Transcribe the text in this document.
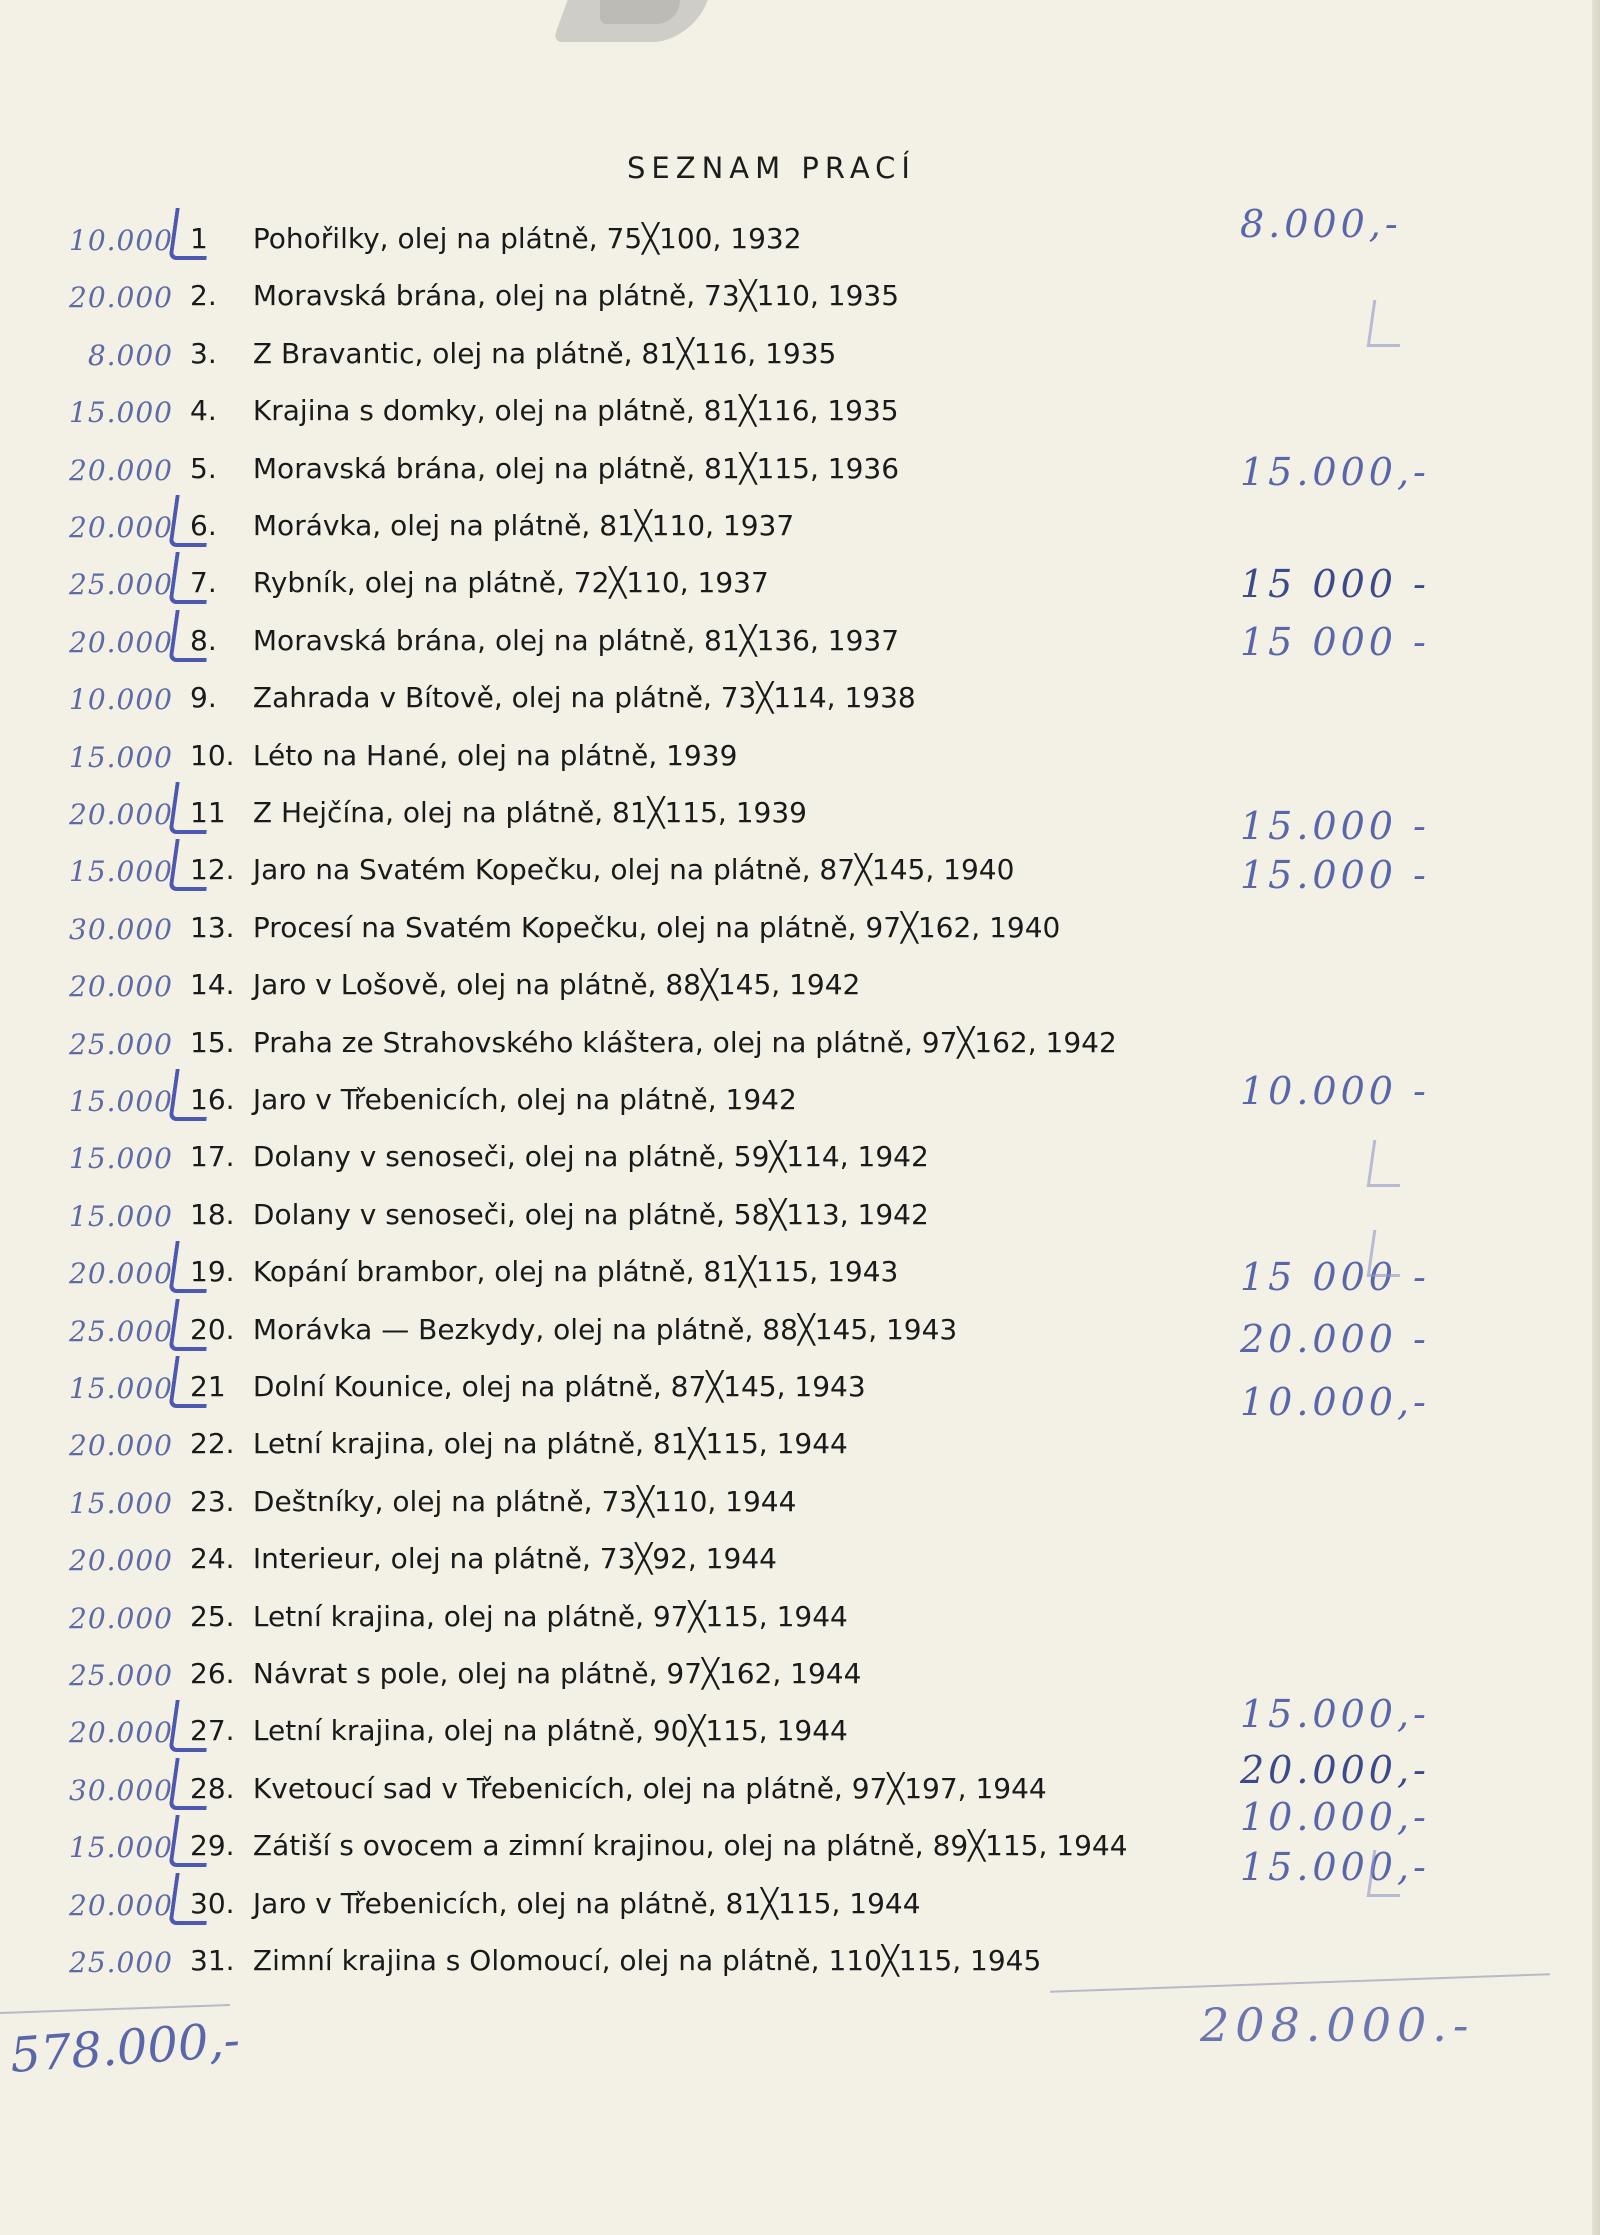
SEZNAM PRACÍ
1 Pohořilky, olej na plátně, 75╳100, 1932
2. Moravská brána, olej na plátně, 73╳110, 1935
3. Z Bravantic, olej na plátně, 81╳116, 1935
4. Krajina s domky, olej na plátně, 81╳116, 1935
5. Moravská brána, olej na plátně, 81╳115, 1936
6. Morávka, olej na plátně, 81╳110, 1937
7. Rybník, olej na plátně, 72╳110, 1937
8. Moravská brána, olej na plátně, 81╳136, 1937
9. Zahrada v Bítově, olej na plátně, 73╳114, 1938
10. Léto na Hané, olej na plátně, 1939
11 Z Hejčína, olej na plátně, 81╳115, 1939
12. Jaro na Svatém Kopečku, olej na plátně, 87╳145, 1940
13. Procesí na Svatém Kopečku, olej na plátně, 97╳162, 1940
14. Jaro v Lošově, olej na plátně, 88╳145, 1942
15. Praha ze Strahovského kláštera, olej na plátně, 97╳162, 1942
16. Jaro v Třebenicích, olej na plátně, 1942
17. Dolany v senoseči, olej na plátně, 59╳114, 1942
18. Dolany v senoseči, olej na plátně, 58╳113, 1942
19. Kopání brambor, olej na plátně, 81╳115, 1943
20. Morávka — Bezkydy, olej na plátně, 88╳145, 1943
21 Dolní Kounice, olej na plátně, 87╳145, 1943
22. Letní krajina, olej na plátně, 81╳115, 1944
23. Deštníky, olej na plátně, 73╳110, 1944
24. Interieur, olej na plátně, 73╳92, 1944
25. Letní krajina, olej na plátně, 97╳115, 1944
26. Návrat s pole, olej na plátně, 97╳162, 1944
27. Letní krajina, olej na plátně, 90╳115, 1944
28. Kvetoucí sad v Třebenicích, olej na plátně, 97╳197, 1944
29. Zátiší s ovocem a zimní krajinou, olej na plátně, 89╳115, 1944
30. Jaro v Třebenicích, olej na plátně, 81╳115, 1944
31. Zimní krajina s Olomoucí, olej na plátně, 110╳115, 1945
10.000
20.000
8.000
15.000
20.000
20.000
25.000
20.000
10.000
15.000
20.000
15.000
30.000
20.000
25.000
15.000
15.000
15.000
20.000
25.000
15.000
20.000
15.000
20.000
20.000
25.000
20.000
30.000
15.000
20.000
25.000
8.000,-
15.000,-
15 000 -
15 000 -
15.000 -
15.000 -
10.000 -
15 000 -
20.000 -
10.000,-
15.000,-
20.000,-
10.000,-
15.000,-
578.000,-	208.000.-
